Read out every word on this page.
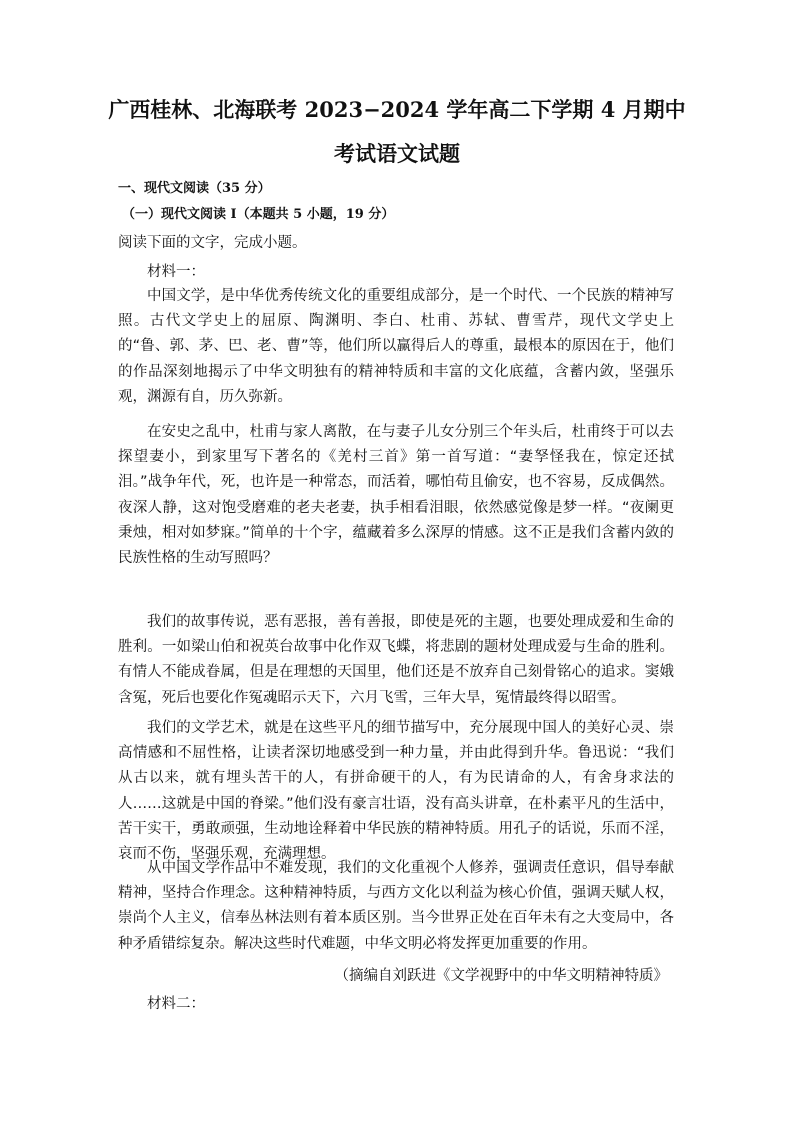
广西桂林、北海联考 2023−2024 学年高二下学期 4 月期中
考试语文试题

一、现代文阅读（35 分）

（一）现代文阅读 I（本题共 5 小题，19 分）

阅读下面的文字，完成小题。

材料一：

中国文学，是中华优秀传统文化的重要组成部分，是一个时代、一个民族的精神写照。古代文学史上的屈原、陶渊明、李白、杜甫、苏轼、曹雪芹，现代文学史上的“鲁、郭、茅、巴、老、曹”等，他们所以赢得后人的尊重，最根本的原因在于，他们的作品深刻地揭示了中华文明独有的精神特质和丰富的文化底蕴，含蓄内敛，坚强乐观，渊源有自，历久弥新。

在安史之乱中，杜甫与家人离散，在与妻子儿女分别三个年头后，杜甫终于可以去探望妻小，到家里写下著名的《羌村三首》第一首写道：“妻孥怪我在，惊定还拭泪。”战争年代，死，也许是一种常态，而活着，哪怕苟且偷安，也不容易，反成偶然。夜深人静，这对饱受磨难的老夫老妻，执手相看泪眼，依然感觉像是梦一样。“夜阑更秉烛，相对如梦寐。”简单的十个字，蕴藏着多么深厚的情感。这不正是我们含蓄内敛的民族性格的生动写照吗？

我们的故事传说，恶有恶报，善有善报，即使是死的主题，也要处理成爱和生命的胜利。一如梁山伯和祝英台故事中化作双飞蝶，将悲剧的题材处理成爱与生命的胜利。有情人不能成眷属，但是在理想的天国里，他们还是不放弃自己刻骨铭心的追求。窦娥含冤，死后也要化作冤魂昭示天下，六月飞雪，三年大旱，冤情最终得以昭雪。

我们的文学艺术，就是在这些平凡的细节描写中，充分展现中国人的美好心灵、崇高情感和不屈性格，让读者深切地感受到一种力量，并由此得到升华。鲁迅说：“我们从古以来，就有埋头苦干的人，有拼命硬干的人，有为民请命的人，有舍身求法的人……这就是中国的脊梁。”他们没有豪言壮语，没有高头讲章，在朴素平凡的生活中，苦干实干，勇敢顽强，生动地诠释着中华民族的精神特质。用孔子的话说，乐而不淫，哀而不伤，坚强乐观，充满理想。

从中国文学作品中不难发现，我们的文化重视个人修养，强调责任意识，倡导奉献精神，坚持合作理念。这种精神特质，与西方文化以利益为核心价值，强调天赋人权，崇尚个人主义，信奉丛林法则有着本质区别。当今世界正处在百年未有之大变局中，各种矛盾错综复杂。解决这些时代难题，中华文明必将发挥更加重要的作用。

（摘编自刘跃进《文学视野中的中华文明精神特质》

材料二：
